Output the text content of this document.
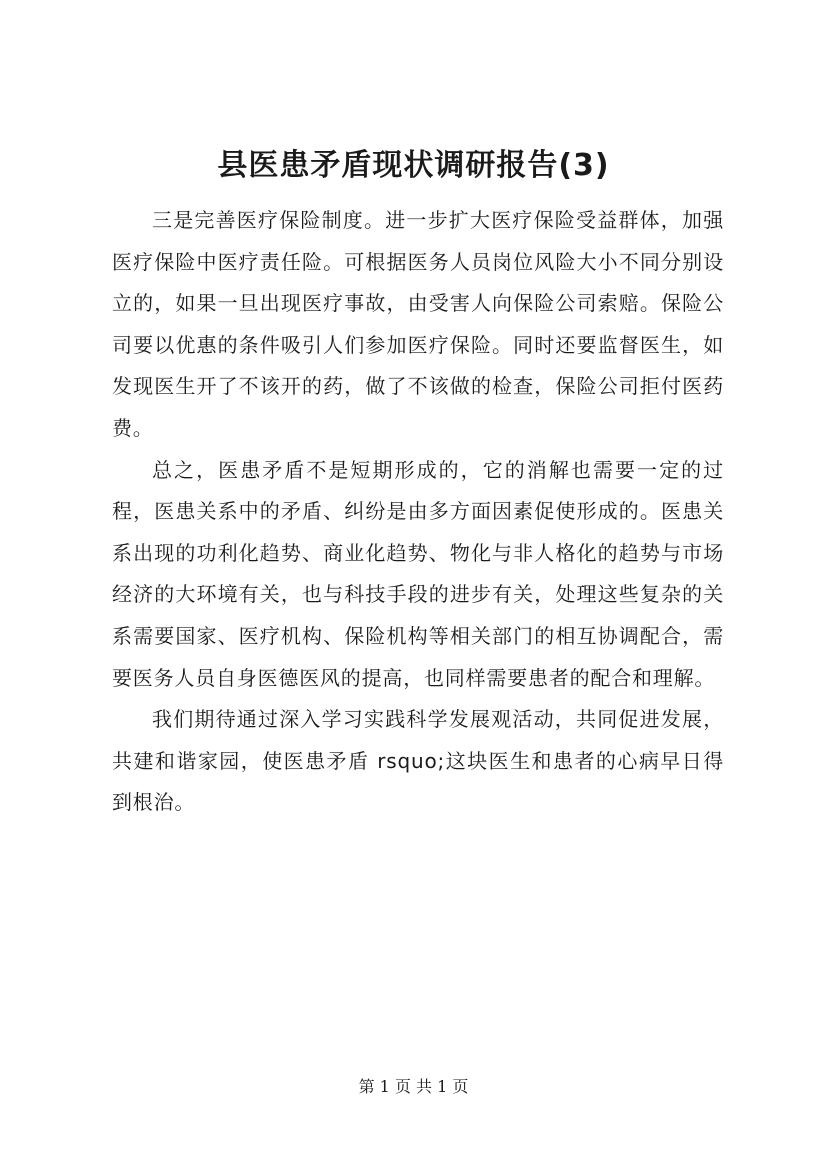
县医患矛盾现状调研报告(3)

三是完善医疗保险制度。进一步扩大医疗保险受益群体，加强医疗保险中医疗责任险。可根据医务人员岗位风险大小不同分别设立的，如果一旦出现医疗事故，由受害人向保险公司索赔。保险公司要以优惠的条件吸引人们参加医疗保险。同时还要监督医生，如发现医生开了不该开的药，做了不该做的检查，保险公司拒付医药费。

总之，医患矛盾不是短期形成的，它的消解也需要一定的过程，医患关系中的矛盾、纠纷是由多方面因素促使形成的。医患关系出现的功利化趋势、商业化趋势、物化与非人格化的趋势与市场经济的大环境有关，也与科技手段的进步有关，处理这些复杂的关系需要国家、医疗机构、保险机构等相关部门的相互协调配合，需要医务人员自身医德医风的提高，也同样需要患者的配合和理解。

我们期待通过深入学习实践科学发展观活动，共同促进发展，共建和谐家园，使医患矛盾 rsquo;这块医生和患者的心病早日得到根治。

第 1 页 共 1 页
